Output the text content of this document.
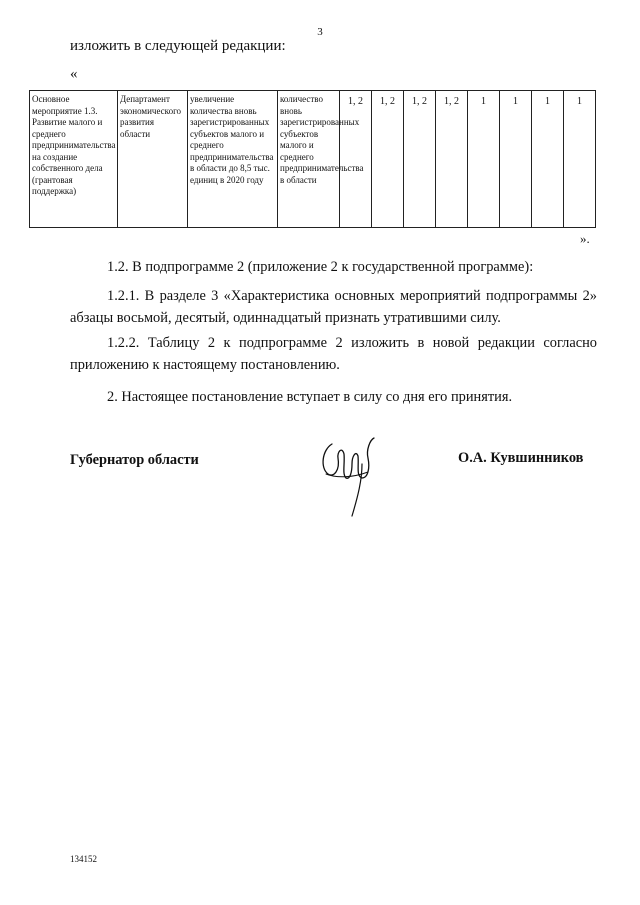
3
изложить в следующей редакции:
«
Основное мероприятие 1.3. Развитие малого и среднего предпринимательства на создание собственного дела (грантовая поддержка)	Департамент экономического развития области	увеличение количества вновь зарегистрированных субъектов малого и среднего предпринимательства в области до 8,5 тыс. единиц в 2020 году	количество вновь зарегистрированных субъектов малого и среднего предпринимательства в области	1, 2	1, 2	1, 2	1, 2	1	1	1	1
».
1.2. В подпрограмме 2 (приложение 2 к государственной программе):
1.2.1. В разделе 3 «Характеристика основных мероприятий подпрограммы 2» абзацы восьмой, десятый, одиннадцатый признать утратившими силу.
1.2.2. Таблицу 2 к подпрограмме 2 изложить в новой редакции согласно приложению к настоящему постановлению.
2. Настоящее постановление вступает в силу со дня его принятия.
Губернатор области	О.А. Кувшинников
134152
